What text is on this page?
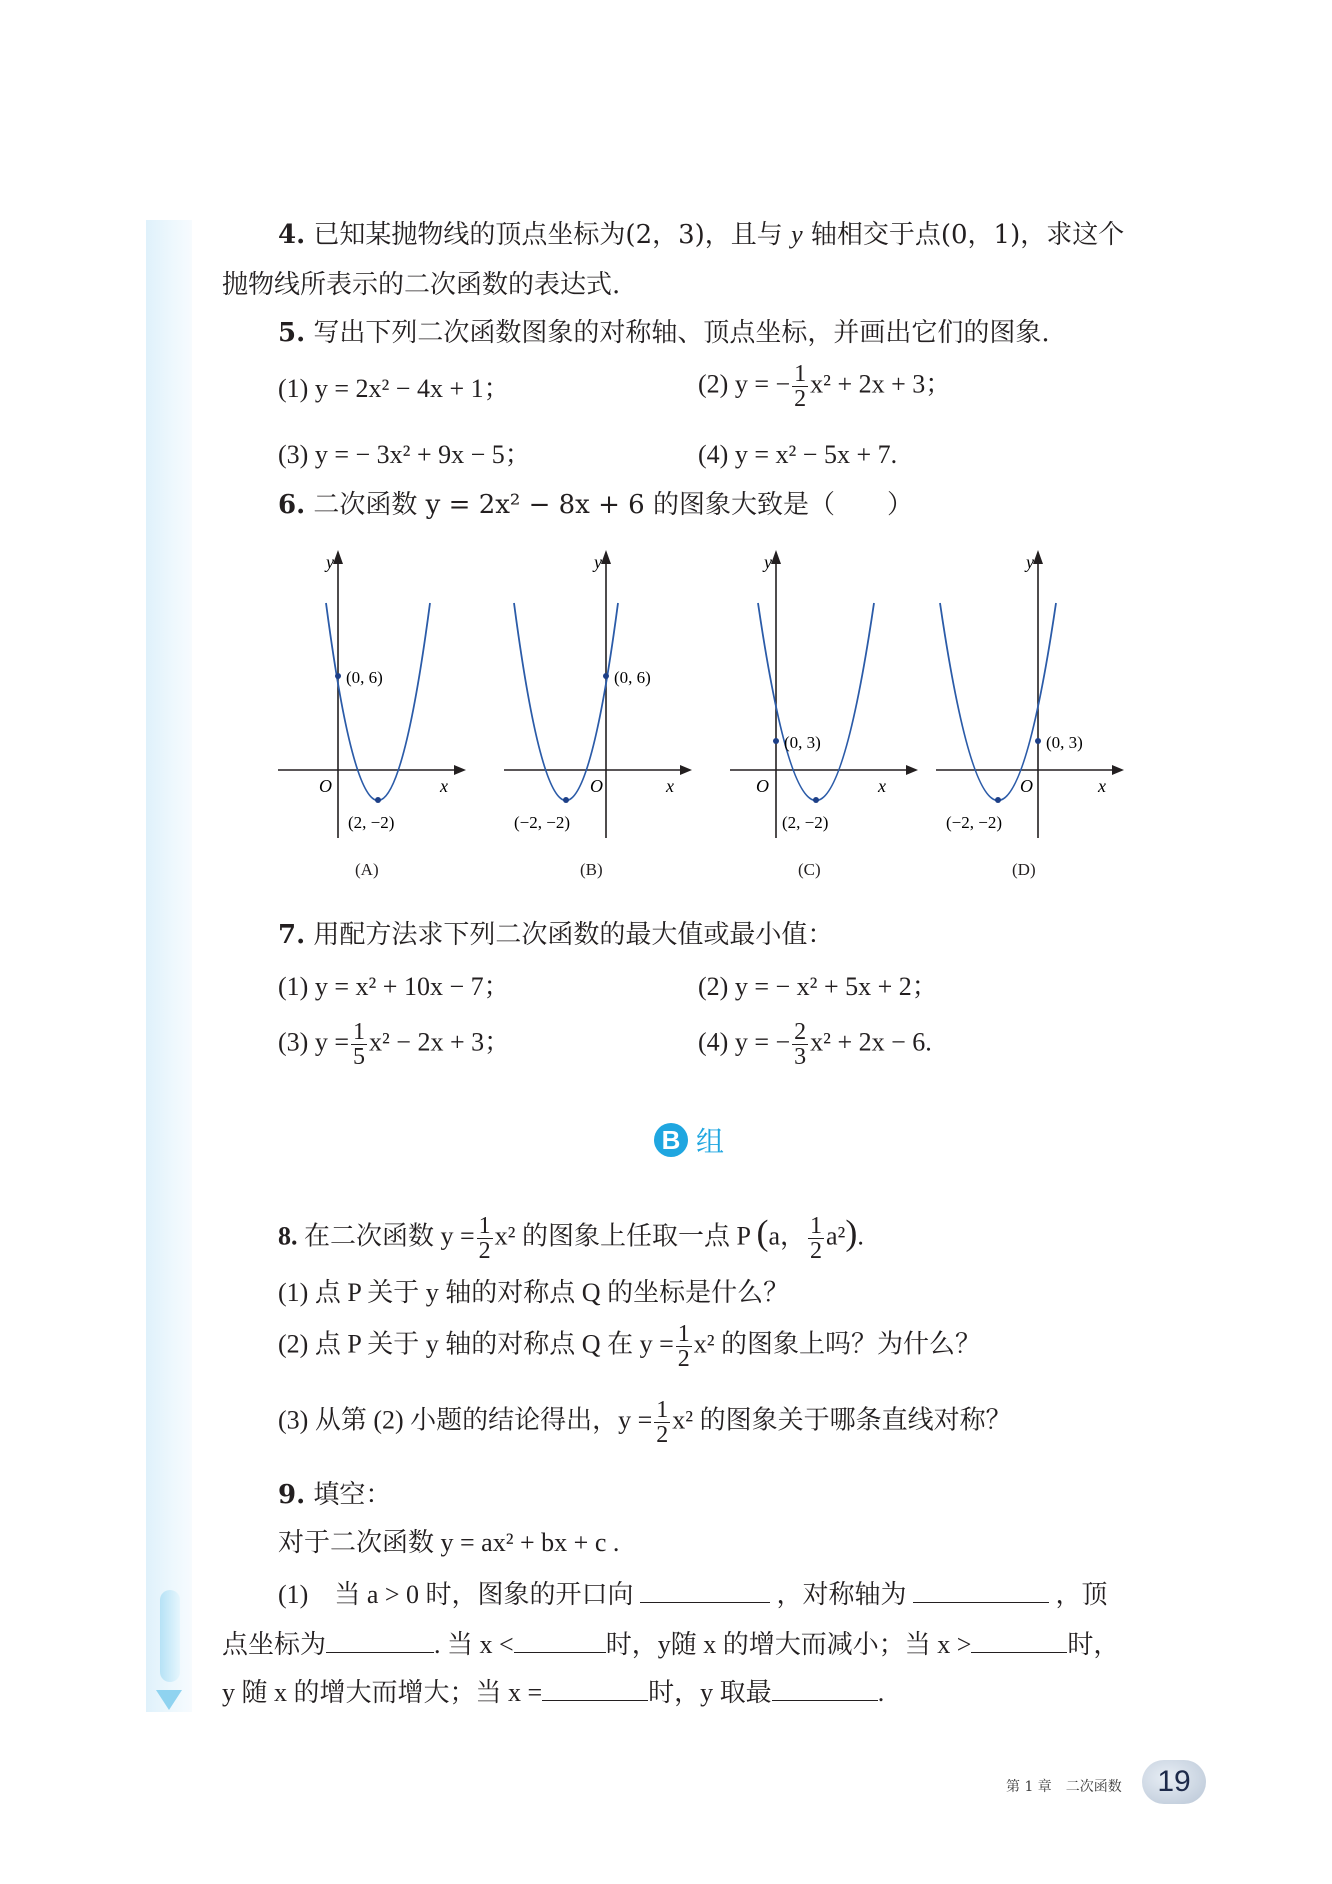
4. 已知某抛物线的顶点坐标为(2，3)，且与 y 轴相交于点(0，1)，求这个
抛物线所表示的二次函数的表达式.
5. 写出下列二次函数图象的对称轴、顶点坐标，并画出它们的图象.
(1) y = 2x² − 4x + 1；	(2) y = − $\frac{1}{2} x^2 + 2x + 3$；
(3) y = − 3x² + 9x − 5；	(4) y = x² − 5x + 7.
6. 二次函数 y = 2x² − 8x + 6 的图象大致是（　　）
y
x
O
(0, 6)
(2, −2)
(A)
y
x
O
(0, 6)
(−2, −2)
(B)
y
x
O
(0, 3)
(2, −2)
(C)
y
x
O
(0, 3)
(−2, −2)
(D)
7. 用配方法求下列二次函数的最大值或最小值：
(1) y = x² + 10x − 7；	(2) y = − x² + 5x + 2；
(3) $y = \frac{1}{5} x^2 - 2x + 3$；	(4) y = − $\frac{2}{3} x^2 + 2x - 6$.
B 组
8. 在二次函数 $y = \frac{1}{2} x^2$ 的图象上任取一点 P (a， $\frac{1}{2} a^2$).
(1) 点 P 关于 y 轴的对称点 Q 的坐标是什么？
(2) 点 P 关于 y 轴的对称点 Q 在 $y = \frac{1}{2} x^2$ 的图象上吗？为什么？
(3) 从第 (2) 小题的结论得出，$y = \frac{1}{2} x^2$ 的图象关于哪条直线对称？
9. 填空：
对于二次函数 y = ax² + bx + c .
(1)　当 a > 0 时，图象的开口向	，对称轴为	，顶
点坐标为	. 当 x <	时，y随 x 的增大而减小；当 x >	时，
y 随 x 的增大而增大；当 x =	时，y 取最	.
第 1 章　二次函数	19
